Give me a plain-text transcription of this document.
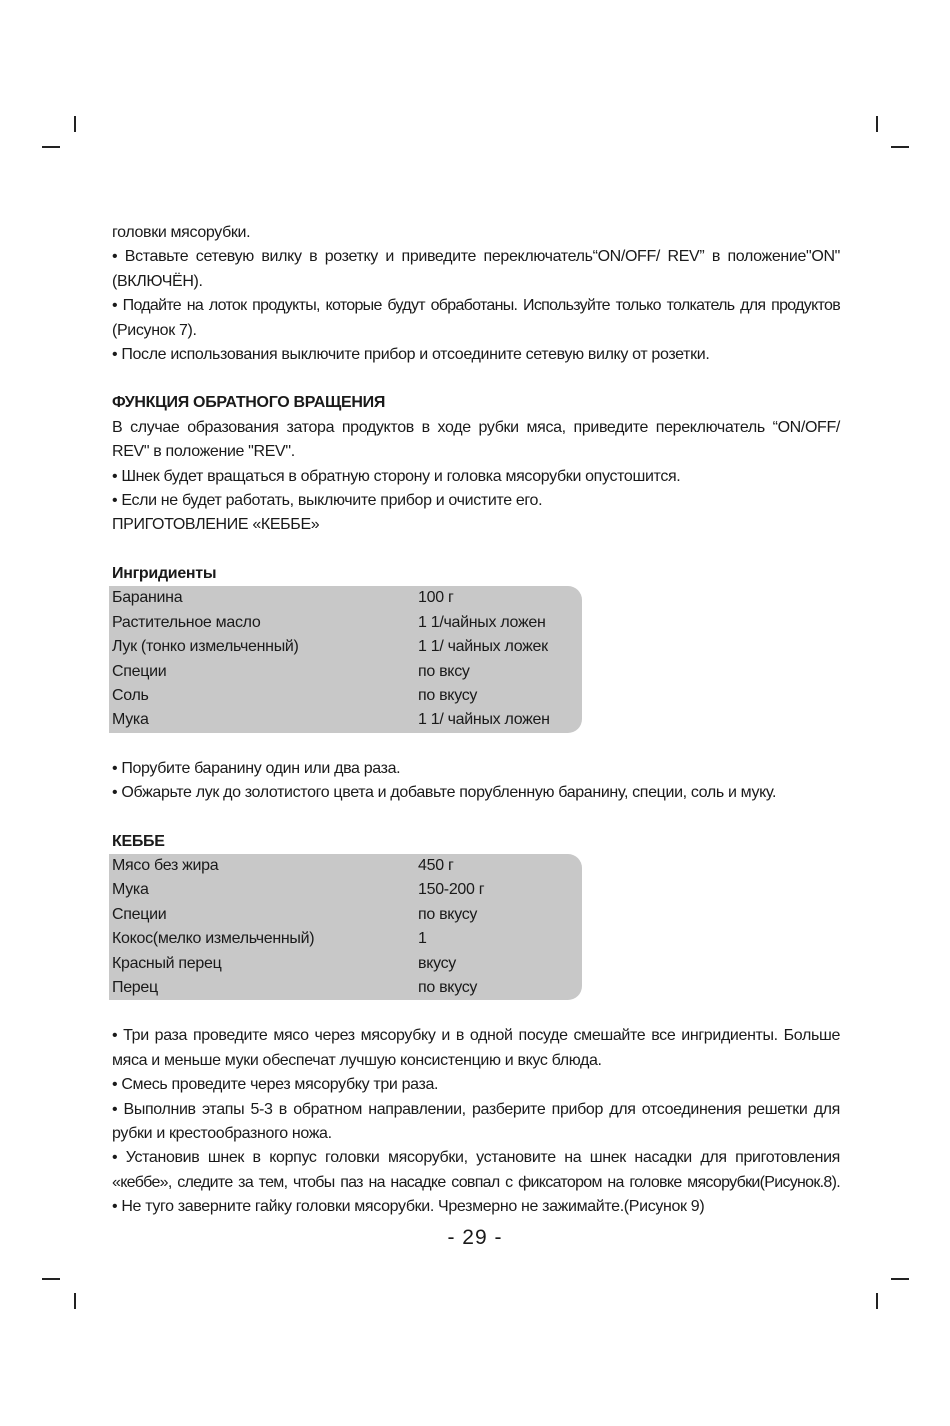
головки мясорубки.
• Вставьте сетевую вилку в розетку и приведите переключатель“ON/OFF/ REV” в положение"ON"
(ВКЛЮЧЁН).
• Подайте на лоток продукты, которые будут обработаны. Используйте только толкатель для продуктов
(Рисунок 7).
• После использования выключите прибор и отсоедините сетевую вилку от розетки.
ФУНКЦИЯ ОБРАТНОГО ВРАЩЕНИЯ
В случае образования затора продуктов в ходе рубки мяса, приведите переключатель “ON/OFF/
REV" в положение "REV".
• Шнек будет вращаться в обратную сторону и головка мясорубки опустошится.
• Если не будет работать, выключите прибор и очистите его.
ПРИГОТОВЛЕНИЕ «КЕББЕ»
Ингридиенты
Баранина	100 г
Растительное масло	1 1/чайных ложен
Лук (тонко измельченный)	1 1/ чайных ложек
Специи	по вксу
Соль	по вкусу
Мука	1 1/ чайных ложен
• Порубите баранину один или два раза.
• Обжарьте лук до золотистого цвета и добавьте порубленную баранину, специи, соль и муку.
КЕББЕ
Мясо без жира	450 г
Мука	150-200 г
Специи	по вкусу
Кокос(мелко измельченный)	1
Красный перец	вкусу
Перец	по вкусу
• Три раза проведите мясо через мясорубку и в одной посуде смешайте все ингридиенты. Больше
мяса и меньше муки обеспечат лучшую консистенцию и вкус блюда.
• Смесь проведите через мясорубку три раза.
• Выполнив этапы 5-3 в обратном направлении, разберите прибор для отсоединения решетки для
рубки и крестообразного ножа.
• Установив шнек в корпус головки мясорубки, установите на шнек насадки для приготовления
«кеббе», следите за тем, чтобы паз на насадке совпал с фиксатором на головке мясорубки(Рисунок.8).
• Не туго заверните гайку головки мясорубки. Чрезмерно не зажимайте.(Рисунок 9)
- 29 -
